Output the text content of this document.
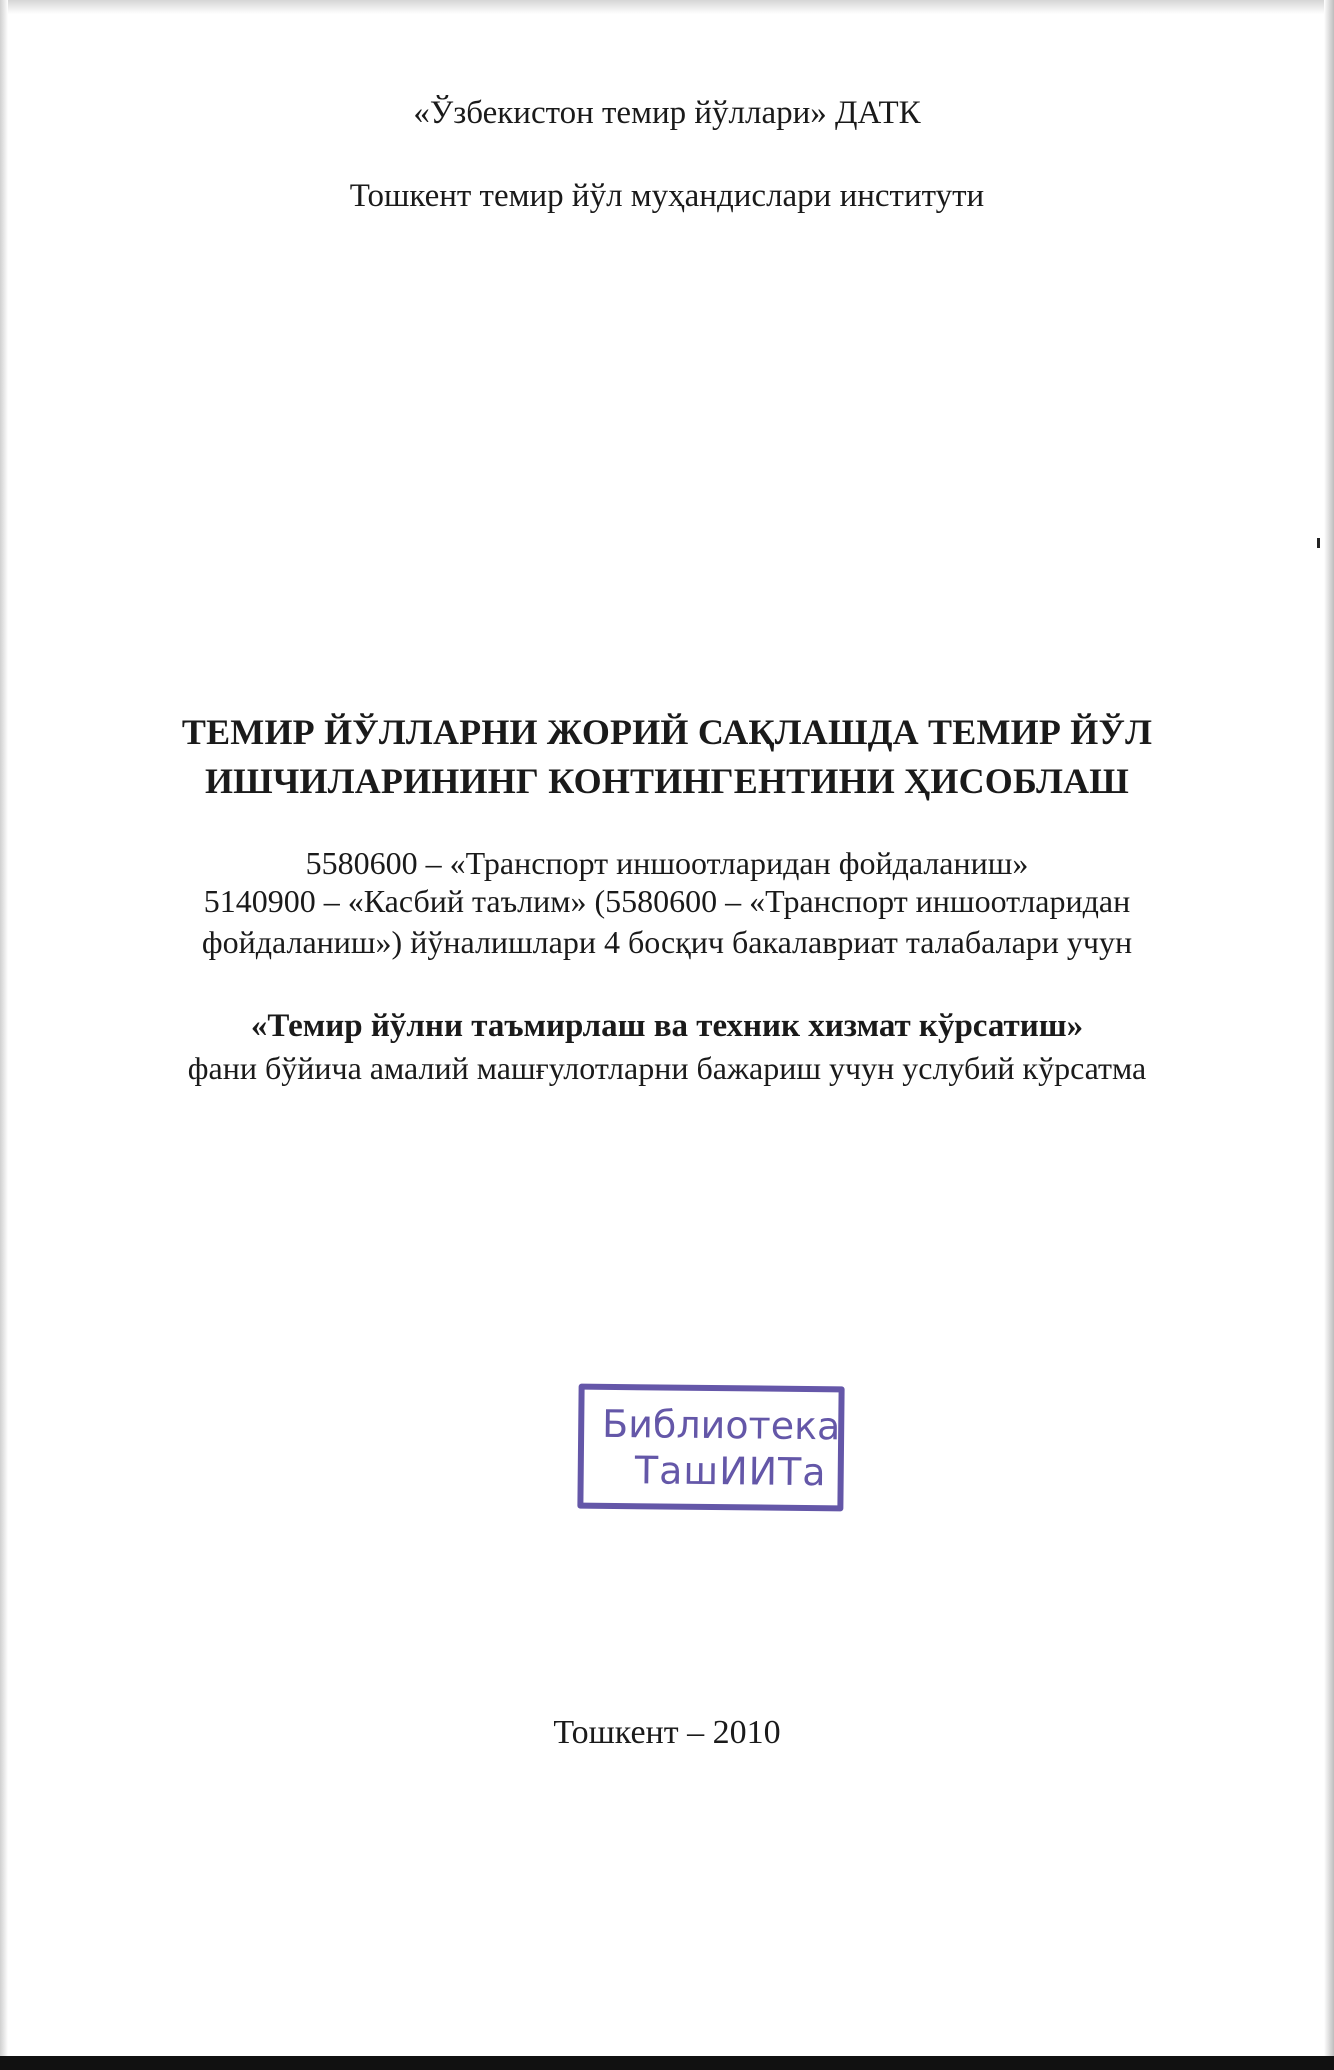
«Ўзбекистон темир йўллари» ДАТК
Тошкент темир йўл муҳандислари институти
ТЕМИР ЙЎЛЛАРНИ ЖОРИЙ САҚЛАШДА ТЕМИР ЙЎЛ
ИШЧИЛАРИНИНГ КОНТИНГЕНТИНИ ҲИСОБЛАШ
5580600 – «Транспорт иншоотларидан фойдаланиш»
5140900 – «Касбий таълим» (5580600 – «Транспорт иншоотларидан
фойдаланиш») йўналишлари 4 босқич бакалавриат талабалари учун
«Темир йўлни таъмирлаш ва техник хизмат кўрсатиш»
фани бўйича амалий машғулотларни бажариш учун услубий кўрсатма
Библиотека
ТашИИТа
Тошкент – 2010
